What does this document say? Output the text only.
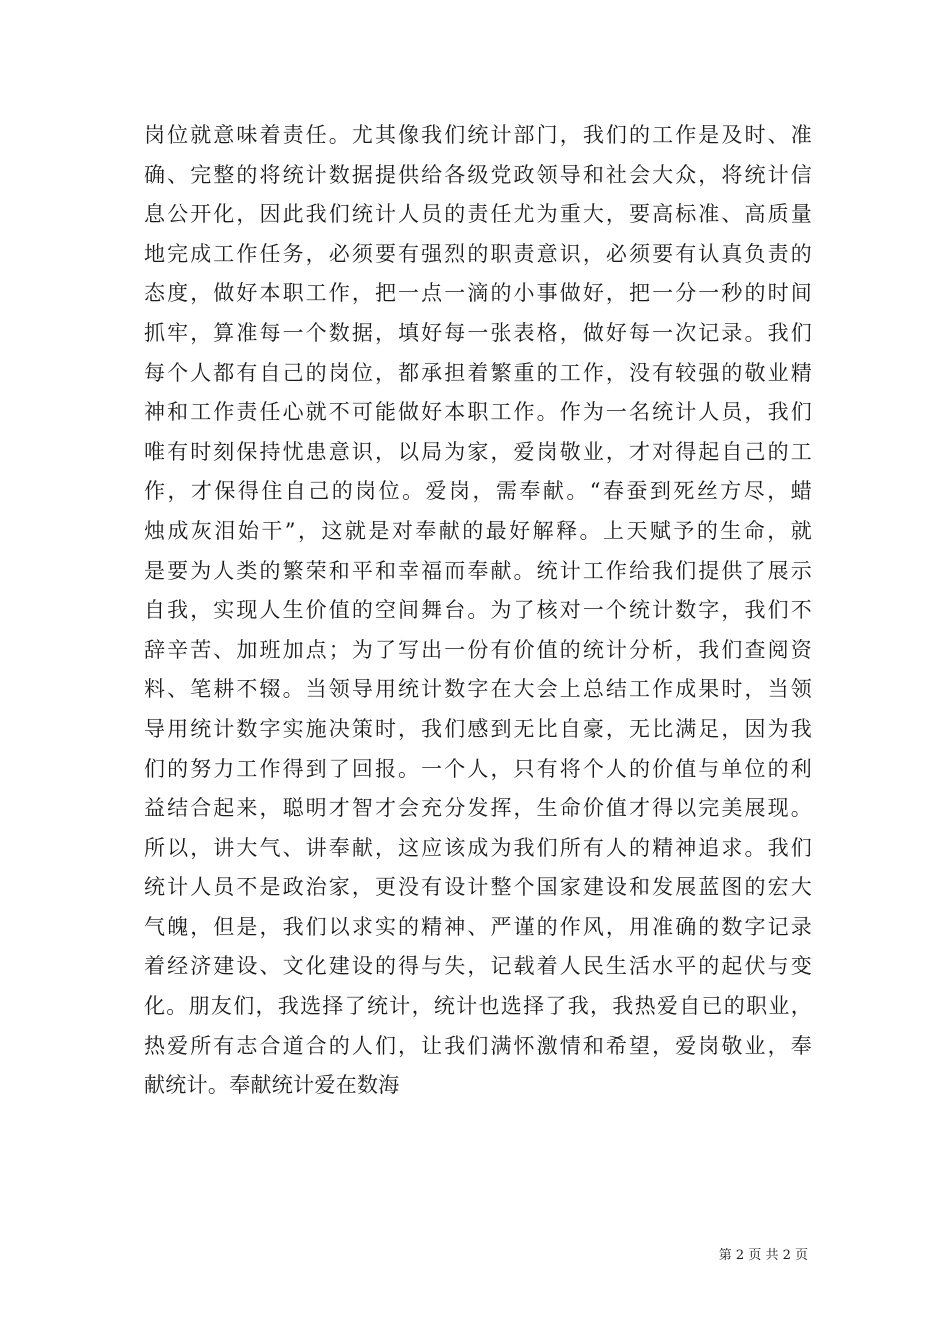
岗位就意味着责任。尤其像我们统计部门，我们的工作是及时、准
确、完整的将统计数据提供给各级党政领导和社会大众，将统计信
息公开化，因此我们统计人员的责任尤为重大，要高标准、高质量
地完成工作任务，必须要有强烈的职责意识，必须要有认真负责的
态度，做好本职工作，把一点一滴的小事做好，把一分一秒的时间
抓牢，算准每一个数据，填好每一张表格，做好每一次记录。我们
每个人都有自己的岗位，都承担着繁重的工作，没有较强的敬业精
神和工作责任心就不可能做好本职工作。作为一名统计人员，我们
唯有时刻保持忧患意识，以局为家，爱岗敬业，才对得起自己的工
作，才保得住自己的岗位。爱岗，需奉献。“春蚕到死丝方尽，蜡
烛成灰泪始干”，这就是对奉献的最好解释。上天赋予的生命，就
是要为人类的繁荣和平和幸福而奉献。统计工作给我们提供了展示
自我，实现人生价值的空间舞台。为了核对一个统计数字，我们不
辞辛苦、加班加点；为了写出一份有价值的统计分析，我们查阅资
料、笔耕不辍。当领导用统计数字在大会上总结工作成果时，当领
导用统计数字实施决策时，我们感到无比自豪，无比满足，因为我
们的努力工作得到了回报。一个人，只有将个人的价值与单位的利
益结合起来，聪明才智才会充分发挥，生命价值才得以完美展现。
所以，讲大气、讲奉献，这应该成为我们所有人的精神追求。我们
统计人员不是政治家，更没有设计整个国家建设和发展蓝图的宏大
气魄，但是，我们以求实的精神、严谨的作风，用准确的数字记录
着经济建设、文化建设的得与失，记载着人民生活水平的起伏与变
化。朋友们，我选择了统计，统计也选择了我，我热爱自已的职业，
热爱所有志合道合的人们，让我们满怀激情和希望，爱岗敬业，奉
献统计。奉献统计爱在数海
第 2 页 共 2 页
